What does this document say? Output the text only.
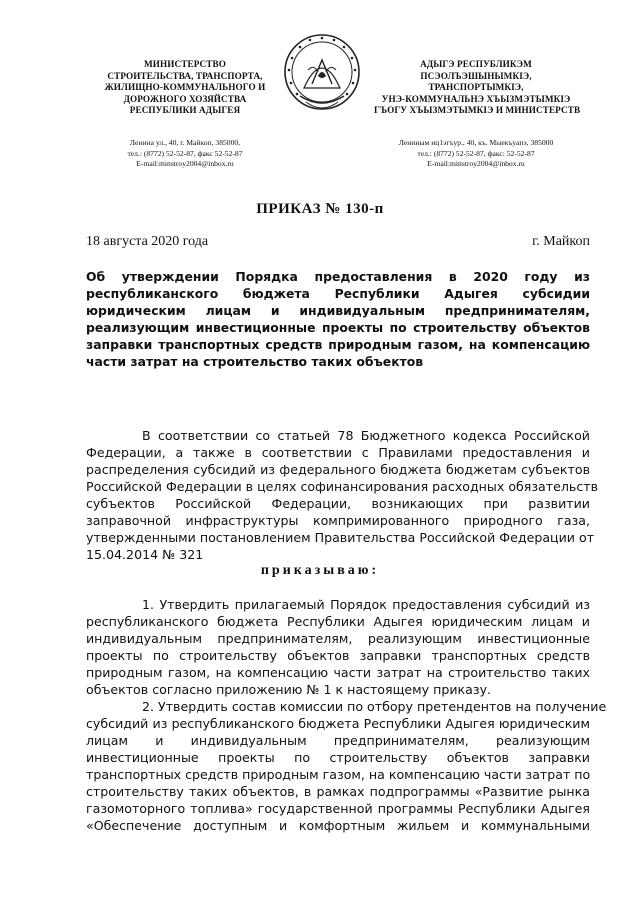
МИНИСТЕРСТВО
СТРОИТЕЛЬСТВА, ТРАНСПОРТА,
ЖИЛИЩНО-КОММУНАЛЬНОГО И
ДОРОЖНОГО ХОЗЯЙСТВА
РЕСПУБЛИКИ АДЫГЕЯ
АДЫГЭ РЕСПУБЛИКЭМ
ПСЭОЛЪЭШЫНЫМКІЭ,
ТРАНСПОРТЫМКІЭ,
УНЭ-КОММУНАЛЬНЭ ХЪЫЗМЭТЫМКІЭ
ГЪОГУ ХЪЫЗМЭТЫМКІЭ И МИНИСТЕРСТВ
Ленина ул., 40, г. Майкоп, 385000,
тел.: (8772) 52-52-87, факс 52-52-87
E-mail:minstroy2004@inbox.ru
Лениным иц1эгъур., 40, къ. Мыекъуапэ, 385000
тел.: (8772) 52-52-87, факс: 52-52-87
E-mail:minstroy2004@inbox.ru
ПРИКАЗ № 130-п
18 августа 2020 года	г. Майкоп
Об утверждении Порядка предоставления в 2020 году из
республиканского бюджета Республики Адыгея субсидии
юридическим лицам и индивидуальным предпринимателям,
реализующим инвестиционные проекты по строительству объектов
заправки транспортных средств природным газом, на компенсацию
части затрат на строительство таких объектов
В соответствии со статьей 78 Бюджетного кодекса Российской
Федерации, а также в соответствии с Правилами предоставления и
распределения субсидий из федерального бюджета бюджетам субъектов
Российской Федерации в целях софинансирования расходных обязательств
субъектов Российской Федерации, возникающих при развитии
заправочной инфраструктуры компримированного природного газа,
утвержденными постановлением Правительства Российской Федерации от
15.04.2014 № 321
приказываю:
1. Утвердить прилагаемый Порядок предоставления субсидий из
республиканского бюджета Республики Адыгея юридическим лицам и
индивидуальным предпринимателям, реализующим инвестиционные
проекты по строительству объектов заправки транспортных средств
природным газом, на компенсацию части затрат на строительство таких
объектов согласно приложению № 1 к настоящему приказу.
2. Утвердить состав комиссии по отбору претендентов на получение
субсидий из республиканского бюджета Республики Адыгея юридическим
лицам и индивидуальным предпринимателям, реализующим
инвестиционные проекты по строительству объектов заправки
транспортных средств природным газом, на компенсацию части затрат по
строительству таких объектов, в рамках подпрограммы «Развитие рынка
газомоторного топлива» государственной программы Республики Адыгея
«Обеспечение доступным и комфортным жильем и коммунальными
